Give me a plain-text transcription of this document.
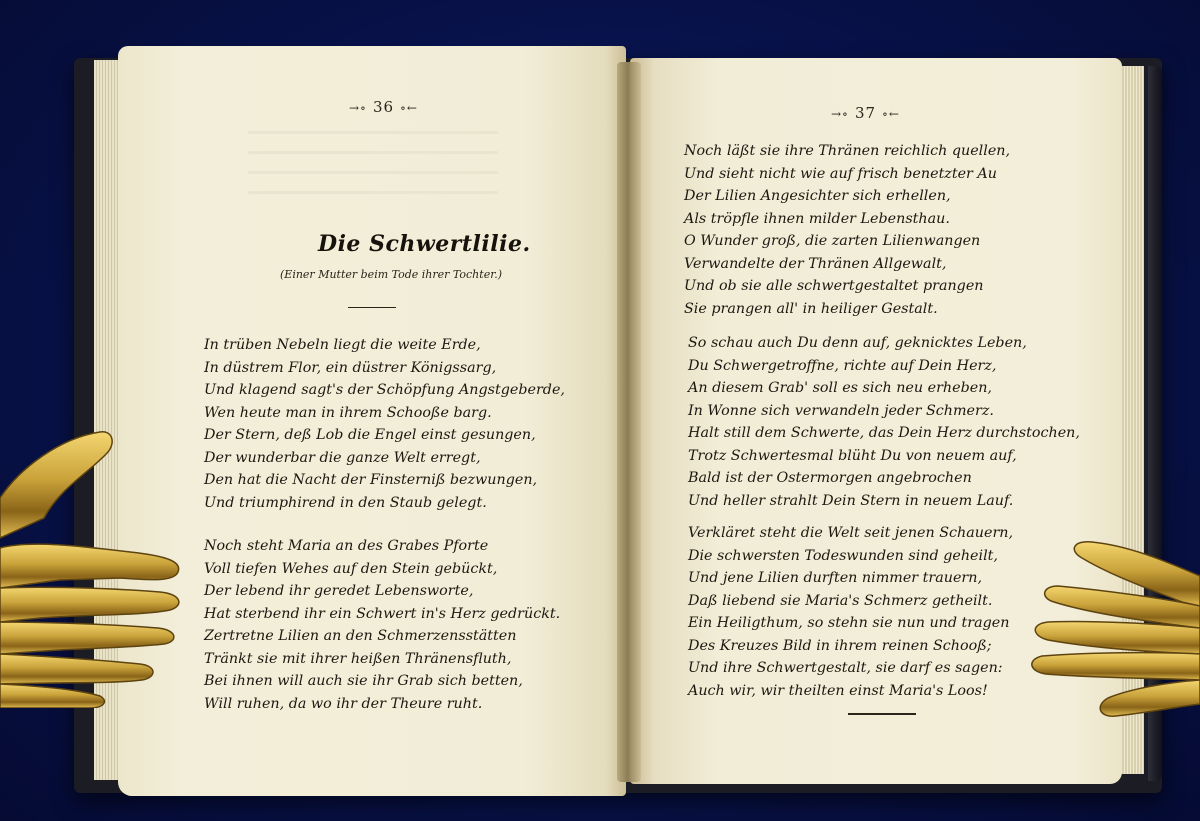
→∘ 36 ∘←
Die Schwertlilie.
(Einer Mutter beim Tode ihrer Tochter.)
In trüben Nebeln liegt die weite Erde,
In düstrem Flor, ein düstrer Königssarg,
Und klagend sagt's der Schöpfung Angstgeberde,
Wen heute man in ihrem Schooße barg.
Der Stern, deß Lob die Engel einst gesungen,
Der wunderbar die ganze Welt erregt,
Den hat die Nacht der Finsterniß bezwungen,
Und triumphirend in den Staub gelegt.
Noch steht Maria an des Grabes Pforte
Voll tiefen Wehes auf den Stein gebückt,
Der lebend ihr geredet Lebensworte,
Hat sterbend ihr ein Schwert in's Herz gedrückt.
Zertretne Lilien an den Schmerzensstätten
Tränkt sie mit ihrer heißen Thränensfluth,
Bei ihnen will auch sie ihr Grab sich betten,
Will ruhen, da wo ihr der Theure ruht.
→∘ 37 ∘←
Noch läßt sie ihre Thränen reichlich quellen,
Und sieht nicht wie auf frisch benetzter Au
Der Lilien Angesichter sich erhellen,
Als tröpfle ihnen milder Lebensthau.
O Wunder groß, die zarten Lilienwangen
Verwandelte der Thränen Allgewalt,
Und ob sie alle schwertgestaltet prangen
Sie prangen all' in heiliger Gestalt.
So schau auch Du denn auf, geknicktes Leben,
Du Schwergetroffne, richte auf Dein Herz,
An diesem Grab' soll es sich neu erheben,
In Wonne sich verwandeln jeder Schmerz.
Halt still dem Schwerte, das Dein Herz durchstochen,
Trotz Schwertesmal blüht Du von neuem auf,
Bald ist der Ostermorgen angebrochen
Und heller strahlt Dein Stern in neuem Lauf.
Verkläret steht die Welt seit jenen Schauern,
Die schwersten Todeswunden sind geheilt,
Und jene Lilien durften nimmer trauern,
Daß liebend sie Maria's Schmerz getheilt.
Ein Heiligthum, so stehn sie nun und tragen
Des Kreuzes Bild in ihrem reinen Schooß;
Und ihre Schwertgestalt, sie darf es sagen:
Auch wir, wir theilten einst Maria's Loos!
